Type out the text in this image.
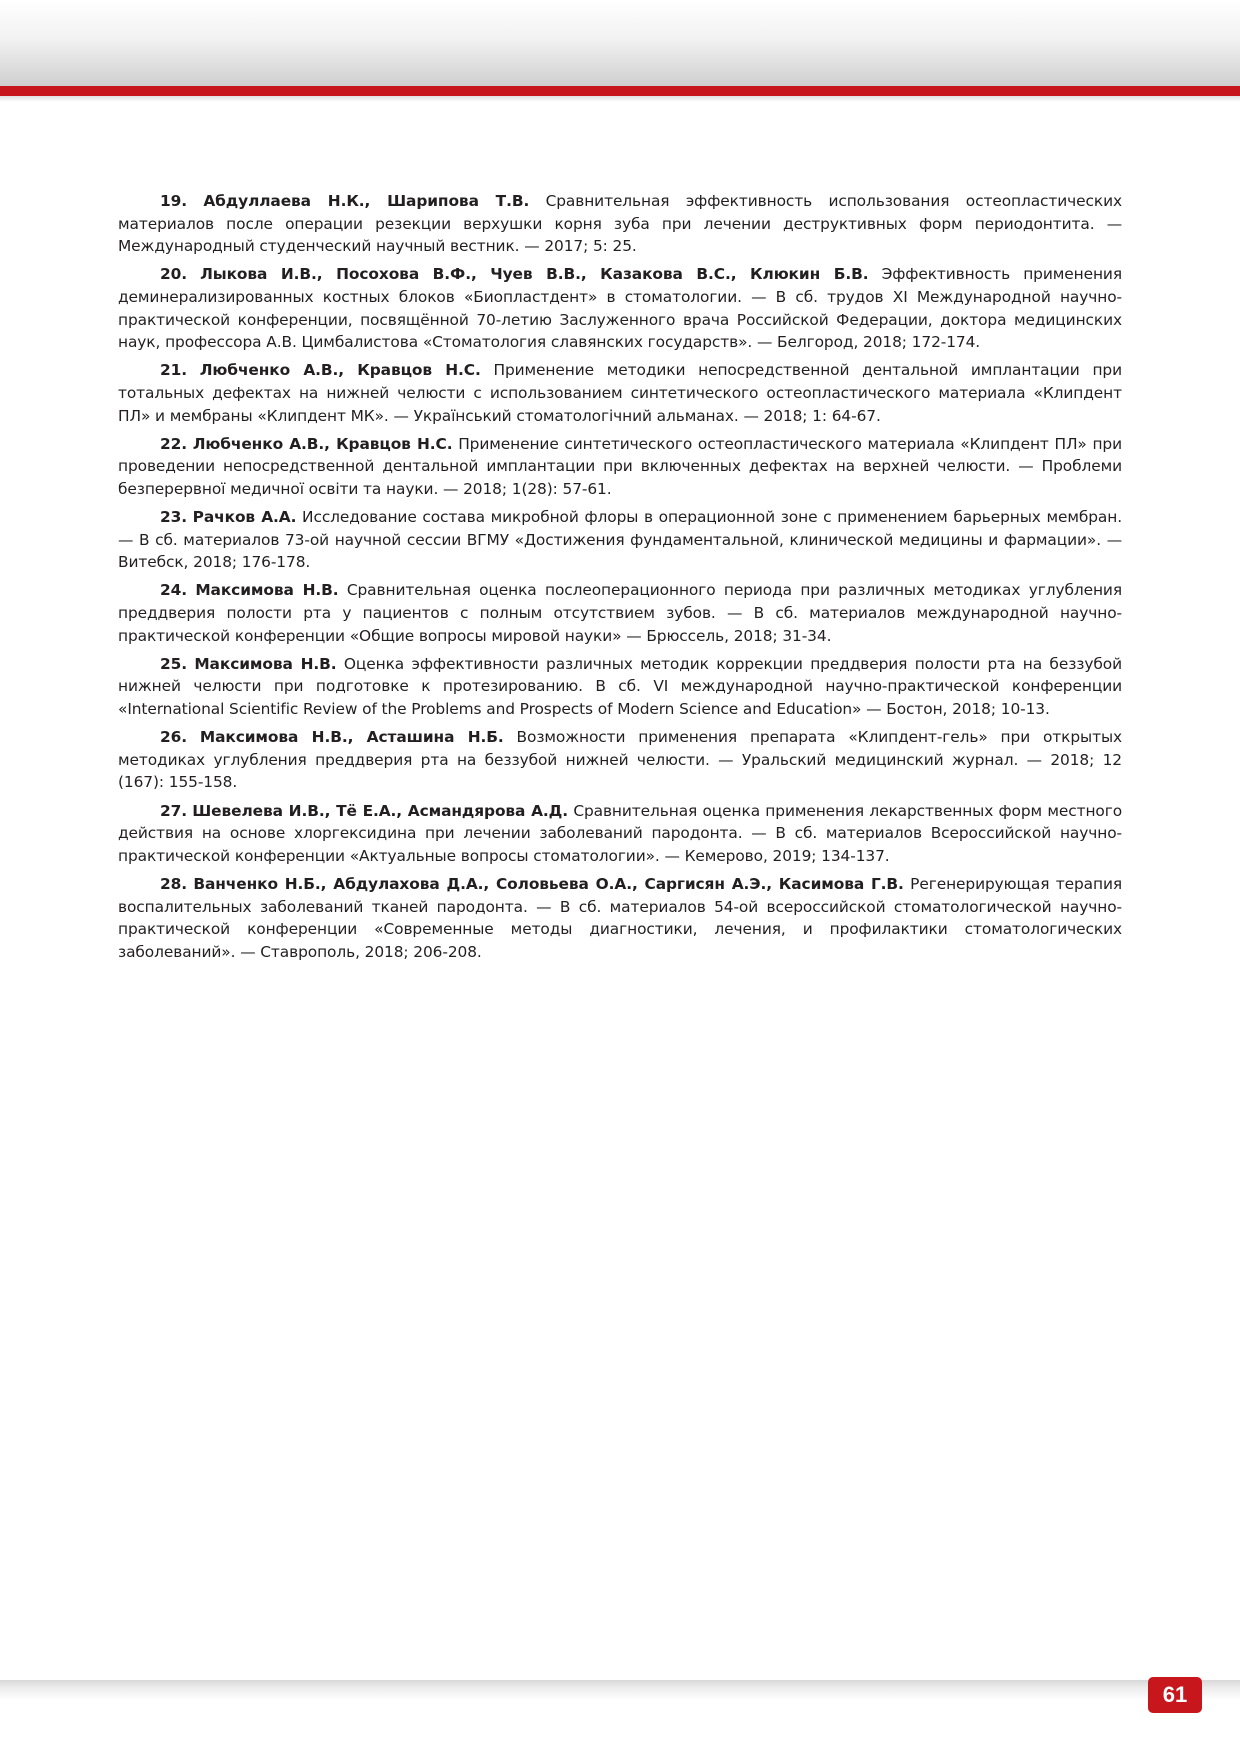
19. Абдуллаева Н.К., Шарипова Т.В. Сравнительная эффективность использования остеопластических материалов после операции резекции верхушки корня зуба при лечении деструктивных форм периодонтита. — Международный студенческий научный вестник. — 2017; 5: 25.
20. Лыкова И.В., Посохова В.Ф., Чуев В.В., Казакова В.С., Клюкин Б.В. Эффективность применения деминерализированных костных блоков «Биопластдент» в стоматологии. — В сб. трудов XI Международной научно-практической конференции, посвящённой 70-летию Заслуженного врача Российской Федерации, доктора медицинских наук, профессора А.В. Цимбалистова «Стоматология славянских государств». — Белгород, 2018; 172-174.
21. Любченко А.В., Кравцов Н.С. Применение методики непосредственной дентальной имплантации при тотальных дефектах на нижней челюсти с использованием синтетического остеопластического материала «Клипдент ПЛ» и мембраны «Клипдент МК». — Український стоматологічний альманах. — 2018; 1: 64-67.
22. Любченко А.В., Кравцов Н.С. Применение синтетического остеопластического материала «Клипдент ПЛ» при проведении непосредственной дентальной имплантации при включенных дефектах на верхней челюсти. — Проблеми безперервної медичної освіти та науки. — 2018; 1(28): 57-61.
23. Рачков А.А. Исследование состава микробной флоры в операционной зоне с применением барьерных мембран. — В сб. материалов 73-ой научной сессии ВГМУ «Достижения фундаментальной, клинической медицины и фармации». — Витебск, 2018; 176-178.
24. Максимова Н.В. Сравнительная оценка послеоперационного периода при различных методиках углубления преддверия полости рта у пациентов с полным отсутствием зубов. — В сб. материалов международной научно-практической конференции «Общие вопросы мировой науки» — Брюссель, 2018; 31-34.
25. Максимова Н.В. Оценка эффективности различных методик коррекции преддверия полости рта на беззубой нижней челюсти при подготовке к протезированию. В сб. VI международной научно-практической конференции «International Scientific Review of the Problems and Prospects of Modern Science and Education» — Бостон, 2018; 10-13.
26. Максимова Н.В., Асташина Н.Б. Возможности применения препарата «Клипдент-гель» при открытых методиках углубления преддверия рта на беззубой нижней челюсти. — Уральский медицинский журнал. — 2018; 12 (167): 155-158.
27. Шевелева И.В., Тё Е.А., Асмандярова А.Д. Сравнительная оценка применения лекарственных форм местного действия на основе хлоргексидина при лечении заболеваний пародонта. — В сб. материалов Всероссийской научно-практической конференции «Актуальные вопросы стоматологии». — Кемерово, 2019; 134-137.
28. Ванченко Н.Б., Абдулахова Д.А., Соловьева О.А., Саргисян А.Э., Касимова Г.В. Регенерирующая терапия воспалительных заболеваний тканей пародонта. — В сб. материалов 54-ой всероссийской стоматологической научно-практической конференции «Современные методы диагностики, лечения, и профилактики стоматологических заболеваний». — Ставрополь, 2018; 206-208.
61
